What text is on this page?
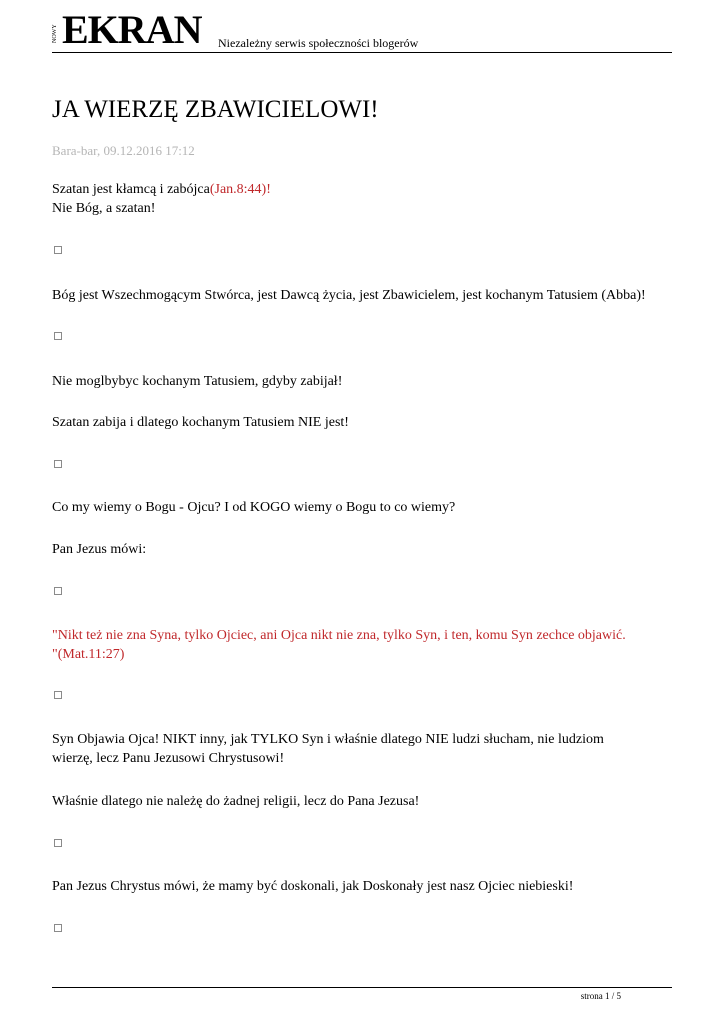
NOWY EKRAN Niezależny serwis społeczności blogerów
JA WIERZĘ ZBAWICIELOWI!
Bara-bar, 09.12.2016 17:12

Szatan jest kłamcą i zabójca(Jan.8:44)!

Nie Bóg, a szatan!

Bóg jest Wszechmogącym Stwórca, jest Dawcą życia, jest Zbawicielem, jest kochanym Tatusiem (Abba)!

Nie moglbybyc kochanym Tatusiem, gdyby zabijał!

Szatan zabija i dlatego kochanym Tatusiem NIE jest!

Co my wiemy o Bogu - Ojcu? I od KOGO wiemy o Bogu to co wiemy?

Pan Jezus mówi:

"Nikt też nie zna Syna, tylko Ojciec, ani Ojca nikt nie zna, tylko Syn, i ten, komu Syn zechce objawić.

"(Mat.11:27)

Syn Objawia Ojca! NIKT inny, jak TYLKO Syn i właśnie dlatego NIE ludzi słucham, nie ludziom

wierzę, lecz Panu Jezusowi Chrystusowi!

Właśnie dlatego nie należę do żadnej religii, lecz do Pana Jezusa!

Pan Jezus Chrystus mówi, że mamy być doskonali, jak Doskonały jest nasz Ojciec niebieski!

strona 1 / 5
